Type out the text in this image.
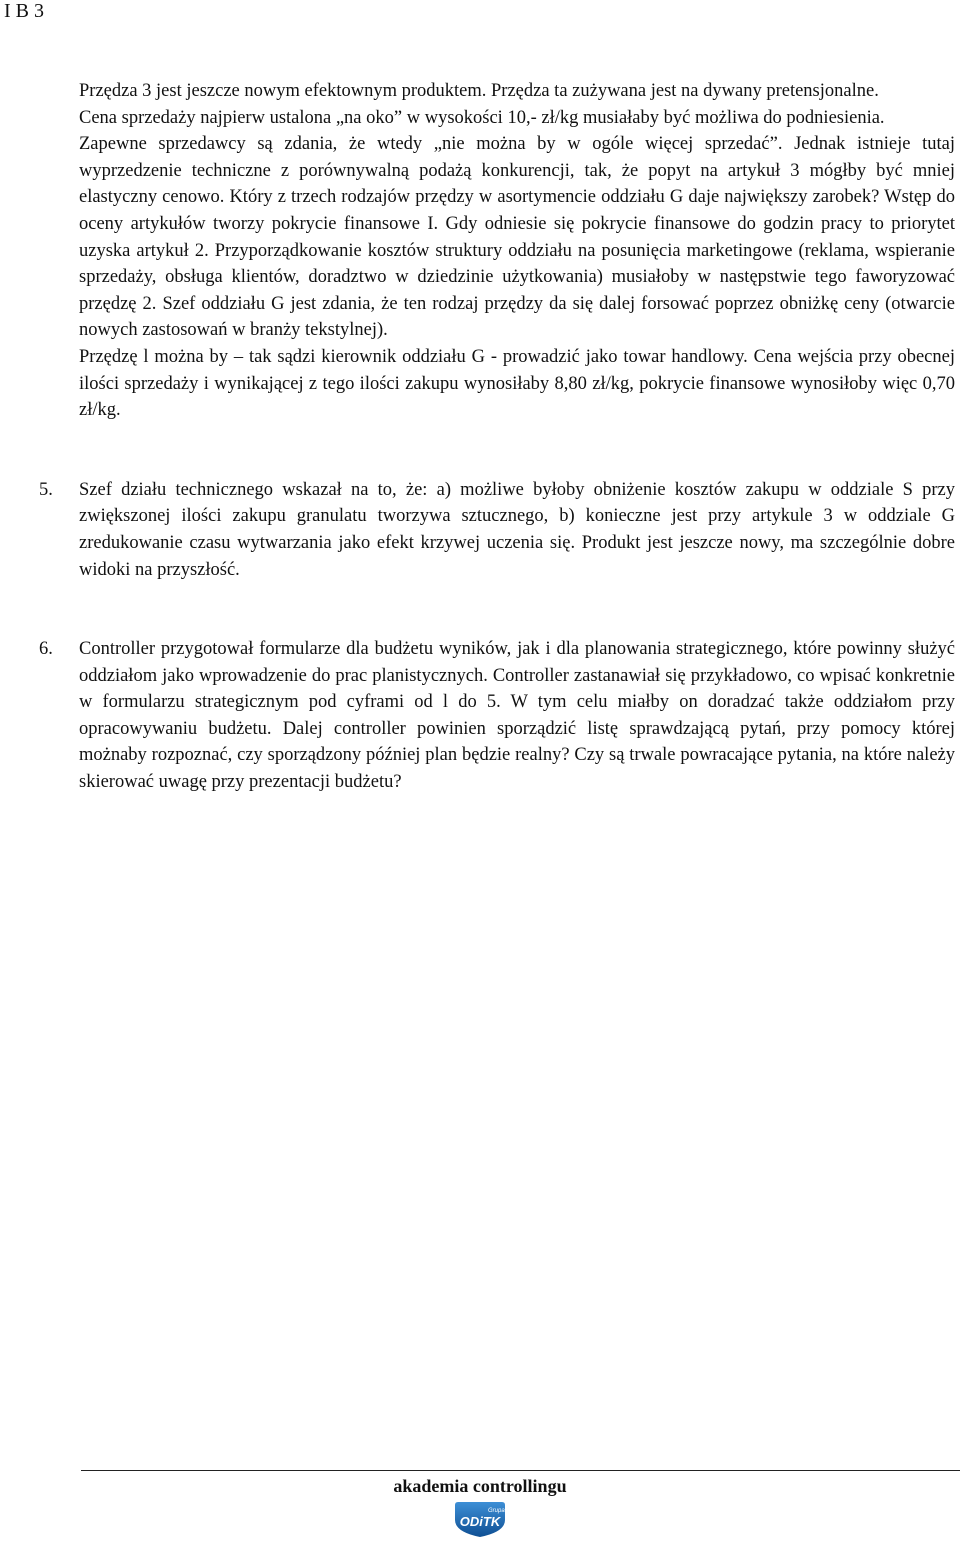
I B 3

Przędza 3 jest jeszcze nowym efektownym produktem. Przędza ta zużywana jest na dywany pretensjonalne.

Cena sprzedaży najpierw ustalona „na oko” w wysokości 10,- zł/kg musiałaby być możliwa do podniesienia.

Zapewne sprzedawcy są zdania, że wtedy „nie można by w ogóle więcej sprzedać”. Jednak istnieje tutaj wyprzedzenie techniczne z porównywalną podażą konkurencji, tak, że popyt na artykuł 3 mógłby być mniej elastyczny cenowo. Który z trzech rodzajów przędzy w asortymencie oddziału G daje największy zarobek? Wstęp do oceny artykułów tworzy pokrycie finansowe I. Gdy odniesie się pokrycie finansowe do godzin pracy to priorytet uzyska artykuł 2. Przyporządkowanie kosztów struktury oddziału na posunięcia marketingowe (reklama, wspieranie sprzedaży, obsługa klientów, doradztwo w dziedzinie użytkowania) musiałoby w następstwie tego faworyzować przędzę 2. Szef oddziału G jest zdania, że ten rodzaj przędzy da się dalej forsować poprzez obniżkę ceny (otwarcie nowych zastosowań w branży tekstylnej).

Przędzę l można by – tak sądzi kierownik oddziału G - prowadzić jako towar handlowy. Cena wejścia przy obecnej ilości sprzedaży i wynikającej z tego ilości zakupu wynosiłaby 8,80 zł/kg, pokrycie finansowe wynosiłoby więc 0,70 zł/kg.

5. Szef działu technicznego wskazał na to, że: a) możliwe byłoby obniżenie kosztów zakupu w oddziale S przy zwiększonej ilości zakupu granulatu tworzywa sztucznego, b) konieczne jest przy artykule 3 w oddziale G zredukowanie czasu wytwarzania jako efekt krzywej uczenia się. Produkt jest jeszcze nowy, ma szczególnie dobre widoki na przyszłość.

6. Controller przygotował formularze dla budżetu wyników, jak i dla planowania strategicznego, które powinny służyć oddziałom jako wprowadzenie do prac planistycznych. Controller zastanawiał się przykładowo, co wpisać konkretnie w formularzu strategicznym pod cyframi od l do 5. W tym celu miałby on doradzać także oddziałom przy opracowywaniu budżetu. Dalej controller powinien sporządzić listę sprawdzającą pytań, przy pomocy której możnaby rozpoznać, czy sporządzony później plan będzie realny? Czy są trwale powracające pytania, na które należy skierować uwagę przy prezentacji budżetu?

akademia controllingu
Grupa
ODiTK
